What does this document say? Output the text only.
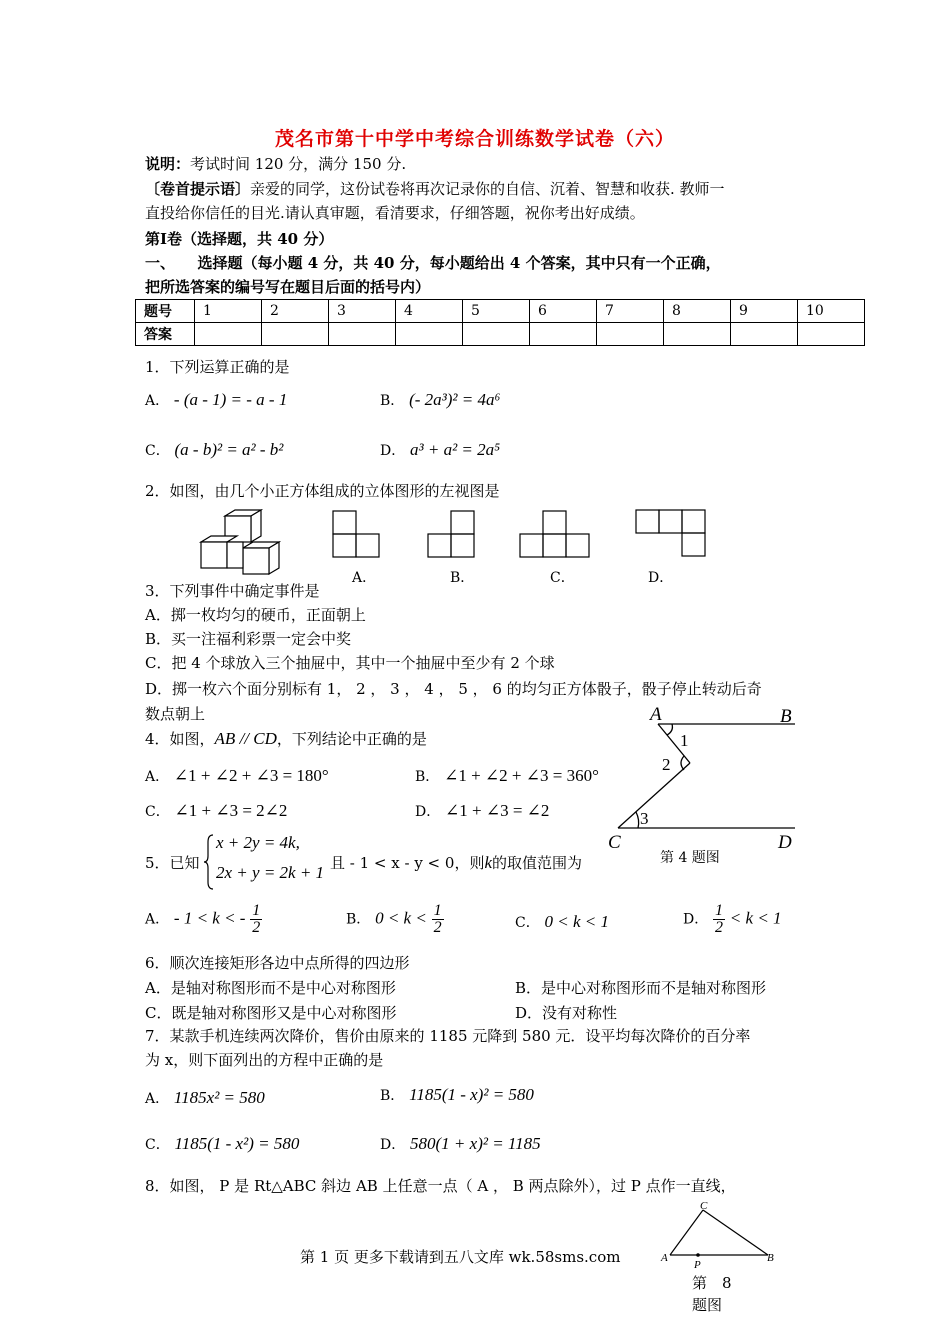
茂名市第十中学中考综合训练数学试卷（六）
说明：考试时间 120 分，满分 150 分.
〔卷首提示语〕亲爱的同学，这份试卷将再次记录你的自信、沉着、智慧和收获. 教师一
直投给你信任的目光.请认真审题，看清要求，仔细答题，祝你考出好成绩。
第Ⅰ卷（选择题，共 40 分）
一、　　选择题（每小题 4 分，共 40 分，每小题给出 4 个答案，其中只有一个正确，
把所选答案的编号写在题目后面的括号内）
题号	1	2	3	4	5	6	7	8	9	10
答案										
1．下列运算正确的是
A． - (a - 1) = - a - 1	B． (- 2a³)² = 4a⁶
C． (a - b)² = a² - b²	D． a³ + a² = 2a⁵
2．如图，由几个小正方体组成的立体图形的左视图是
A．	B．	C．	D．
3．下列事件中确定事件是
A．掷一枚均匀的硬币，正面朝上
B．买一注福利彩票一定会中奖
C．把 4 个球放入三个抽屉中，其中一个抽屉中至少有 2 个球
D．掷一枚六个面分别标有 1， 2 ， 3 ， 4 ， 5 ， 6 的均匀正方体骰子，骰子停止转动后奇
数点朝上
4．如图，AB // CD，下列结论中正确的是
A． ∠1 + ∠2 + ∠3 = 180°	B． ∠1 + ∠2 + ∠3 = 360°
C． ∠1 + ∠3 = 2∠2	D． ∠1 + ∠3 = ∠2
A	B
C	D
1
2
3
第 4 题图
5．已知
x + 2y = 4k,
2x + y = 2k + 1 且 - 1 < x - y < 0，则k的取值范围为
A． - 1 < k < - $\frac{1}{2}$	B． $0 < k < \frac{1}{2}$	C． 0 < k < 1	D． $\frac{1}{2} < k < 1$
6．顺次连接矩形各边中点所得的四边形
A．是轴对称图形而不是中心对称图形	B．是中心对称图形而不是轴对称图形
C．既是轴对称图形又是中心对称图形	D．没有对称性
7．某款手机连续两次降价，售价由原来的 1185 元降到 580 元．设平均每次降价的百分率
为 x，则下面列出的方程中正确的是
A． 1185x² = 580	B． 1185(1 - x)² = 580
C． 1185(1 - x²) = 580	D． 580(1 + x)² = 1185
8．如图， P 是 Rt△ABC 斜边 AB 上任意一点（ A ， B 两点除外），过 P 点作一直线，
C
A	B
P
第　8
题图
第 1 页 更多下载请到五八文库 wk.58sms.com
